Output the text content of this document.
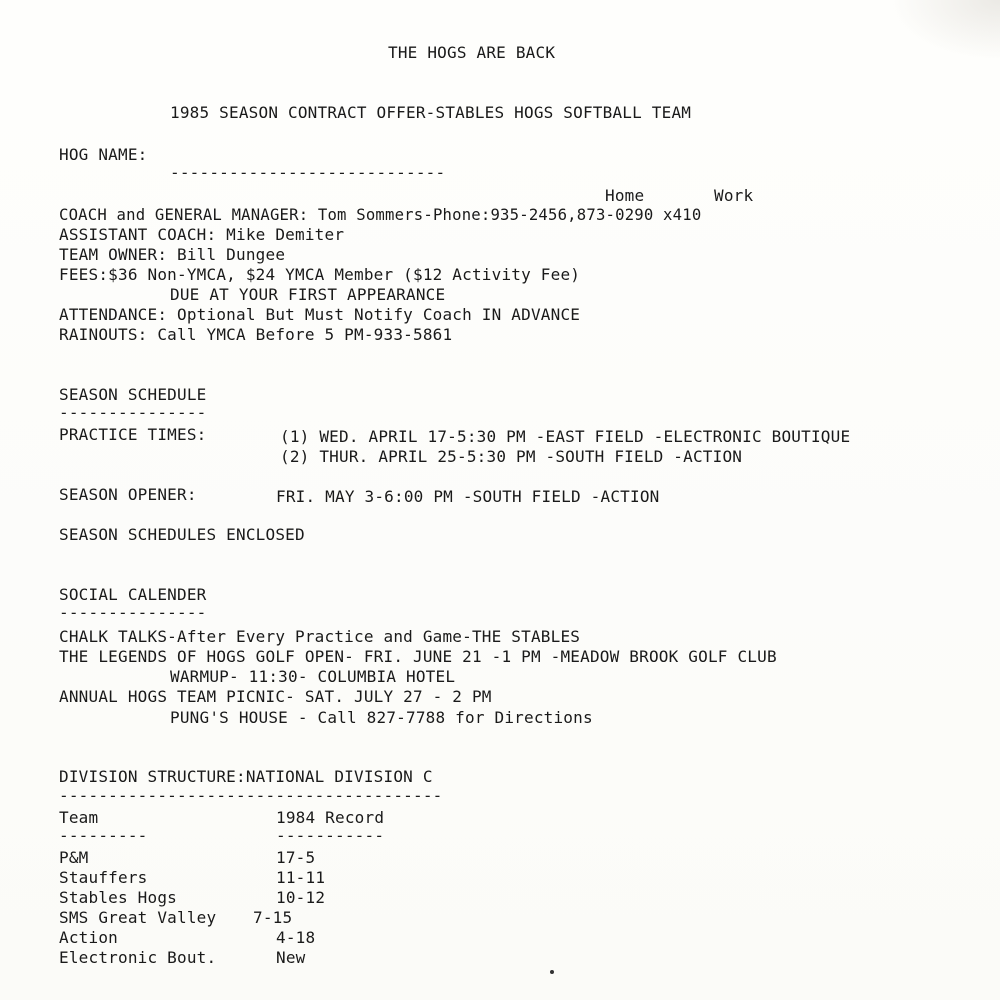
THE HOGS ARE BACK
1985 SEASON CONTRACT OFFER-STABLES HOGS SOFTBALL TEAM
HOG NAME:
----------------------------
Home	Work
COACH and GENERAL MANAGER: Tom Sommers-Phone:935-2456,873-0290 x410
ASSISTANT COACH: Mike Demiter
TEAM OWNER: Bill Dungee
FEES:$36 Non-YMCA, $24 YMCA Member ($12 Activity Fee)
DUE AT YOUR FIRST APPEARANCE
ATTENDANCE: Optional But Must Notify Coach IN ADVANCE
RAINOUTS: Call YMCA Before 5 PM-933-5861
SEASON SCHEDULE
---------------
PRACTICE TIMES:	(1) WED. APRIL 17-5:30 PM -EAST FIELD -ELECTRONIC BOUTIQUE
(2) THUR. APRIL 25-5:30 PM -SOUTH FIELD -ACTION
SEASON OPENER:	FRI. MAY 3-6:00 PM -SOUTH FIELD -ACTION
SEASON SCHEDULES ENCLOSED
SOCIAL CALENDER
---------------
CHALK TALKS-After Every Practice and Game-THE STABLES
THE LEGENDS OF HOGS GOLF OPEN- FRI. JUNE 21 -1 PM -MEADOW BROOK GOLF CLUB
WARMUP- 11:30- COLUMBIA HOTEL
ANNUAL HOGS TEAM PICNIC- SAT. JULY 27 - 2 PM
PUNG'S HOUSE - Call 827-7788 for Directions
DIVISION STRUCTURE:NATIONAL DIVISION C
---------------------------------------
Team	1984 Record
---------	-----------
P&M	17-5
Stauffers	11-11
Stables Hogs	10-12
SMS Great Valley 7-15
Action	4-18
Electronic Bout.	New
